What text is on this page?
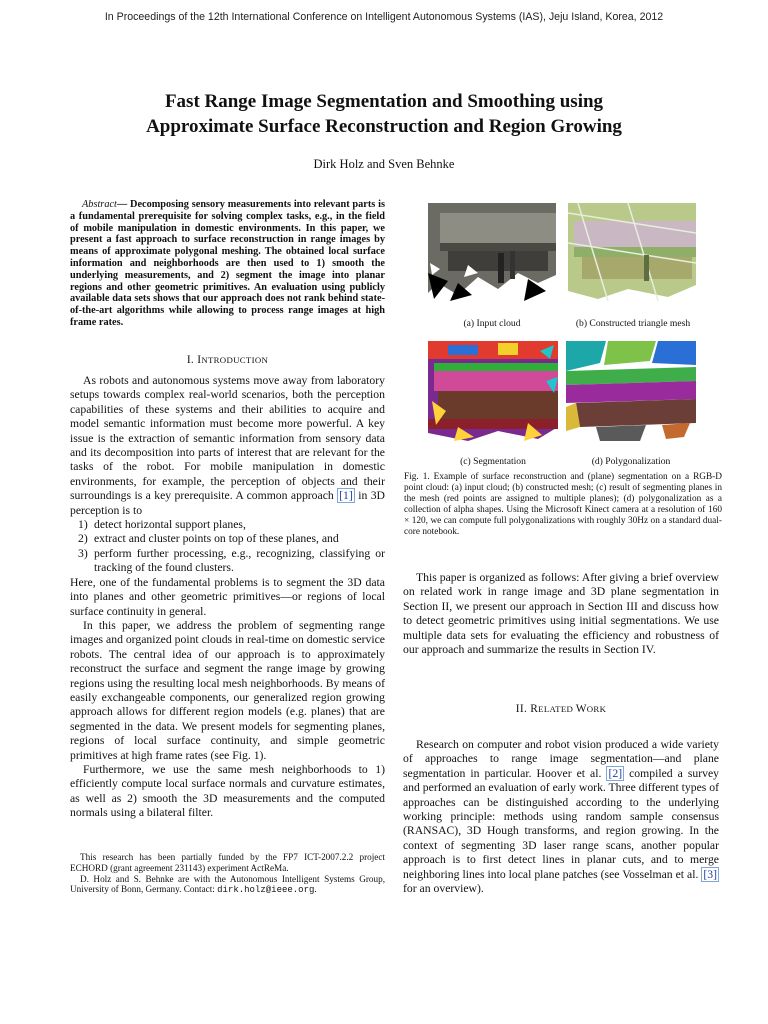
In Proceedings of the 12th International Conference on Intelligent Autonomous Systems (IAS), Jeju Island, Korea, 2012
Fast Range Image Segmentation and Smoothing using
Approximate Surface Reconstruction and Region Growing
Dirk Holz and Sven Behnke
Abstract— Decomposing sensory measurements into relevant parts is a fundamental prerequisite for solving complex tasks, e.g., in the field of mobile manipulation in domestic environments. In this paper, we present a fast approach to surface reconstruction in range images by means of approximate polygonal meshing. The obtained local surface information and neighborhoods are then used to 1) smooth the underlying measurements, and 2) segment the image into planar regions and other geometric primitives. An evaluation using publicly available data sets shows that our approach does not rank behind state-of-the-art algorithms while allowing to process range images at high frame rates.
I. INTRODUCTION

As robots and autonomous systems move away from laboratory setups towards complex real-world scenarios, both the perception capabilities of these systems and their abilities to acquire and model semantic information must become more powerful. A key issue is the extraction of semantic information from sensory data and its decomposition into parts of interest that are relevant for the tasks of the robot. For mobile manipulation in domestic environments, for example, the perception of objects and their surroundings is a key prerequisite. A common approach [1] in 3D perception is to

1) detect horizontal support planes,
2) extract and cluster points on top of these planes, and
3) perform further processing, e.g., recognizing, classifying or tracking of the found clusters.

Here, one of the fundamental problems is to segment the 3D data into planes and other geometric primitives—or regions of local surface continuity in general.

In this paper, we address the problem of segmenting range images and organized point clouds in real-time on domestic service robots. The central idea of our approach is to approximately reconstruct the surface and segment the range image by growing regions using the resulting local mesh neighborhoods. By means of easily exchangeable components, our generalized region growing approach allows for different region models (e.g. planes) that are segmented in the data. We present models for segmenting planes, regions of local surface continuity, and simple geometric primitives at high frame rates (see Fig. 1).

Furthermore, we use the same mesh neighborhoods to 1) efficiently compute local surface normals and curvature estimates, as well as 2) smooth the 3D measurements and the computed normals using a bilateral filter.

This research has been partially funded by the FP7 ICT-2007.2.2 project ECHORD (grant agreement 231143) experiment ActReMa.

D. Holz and S. Behnke are with the Autonomous Intelligent Systems Group, University of Bonn, Germany. Contact: dirk.holz@ieee.org.

(a) Input cloud	(b) Constructed triangle mesh
(c) Segmentation	(d) Polygonalization
Fig. 1. Example of surface reconstruction and (plane) segmentation on a RGB-D point cloud: (a) input cloud; (b) constructed mesh; (c) result of segmenting planes in the mesh (red points are assigned to multiple planes); (d) polygonalization as a collection of alpha shapes. Using the Microsoft Kinect camera at a resolution of 160 × 120, we can compute full polygonalizations with roughly 30Hz on a standard dual-core notebook.

This paper is organized as follows: After giving a brief overview on related work in range image and 3D plane segmentation in Section II, we present our approach in Section III and discuss how to detect geometric primitives using initial segmentations. We use multiple data sets for evaluating the efficiency and robustness of our approach and summarize the results in Section IV.

II. RELATED WORK

Research on computer and robot vision produced a wide variety of approaches to range image segmentation—and plane segmentation in particular. Hoover et al. [2] compiled a survey and performed an evaluation of early work. Three different types of approaches can be distinguished according to the underlying working principle: methods using random sample consensus (RANSAC), 3D Hough transforms, and region growing. In the context of segmenting 3D laser range scans, another popular approach is to first detect lines in planar cuts, and to merge neighboring lines into local plane patches (see Vosselman et al. [3] for an overview).
